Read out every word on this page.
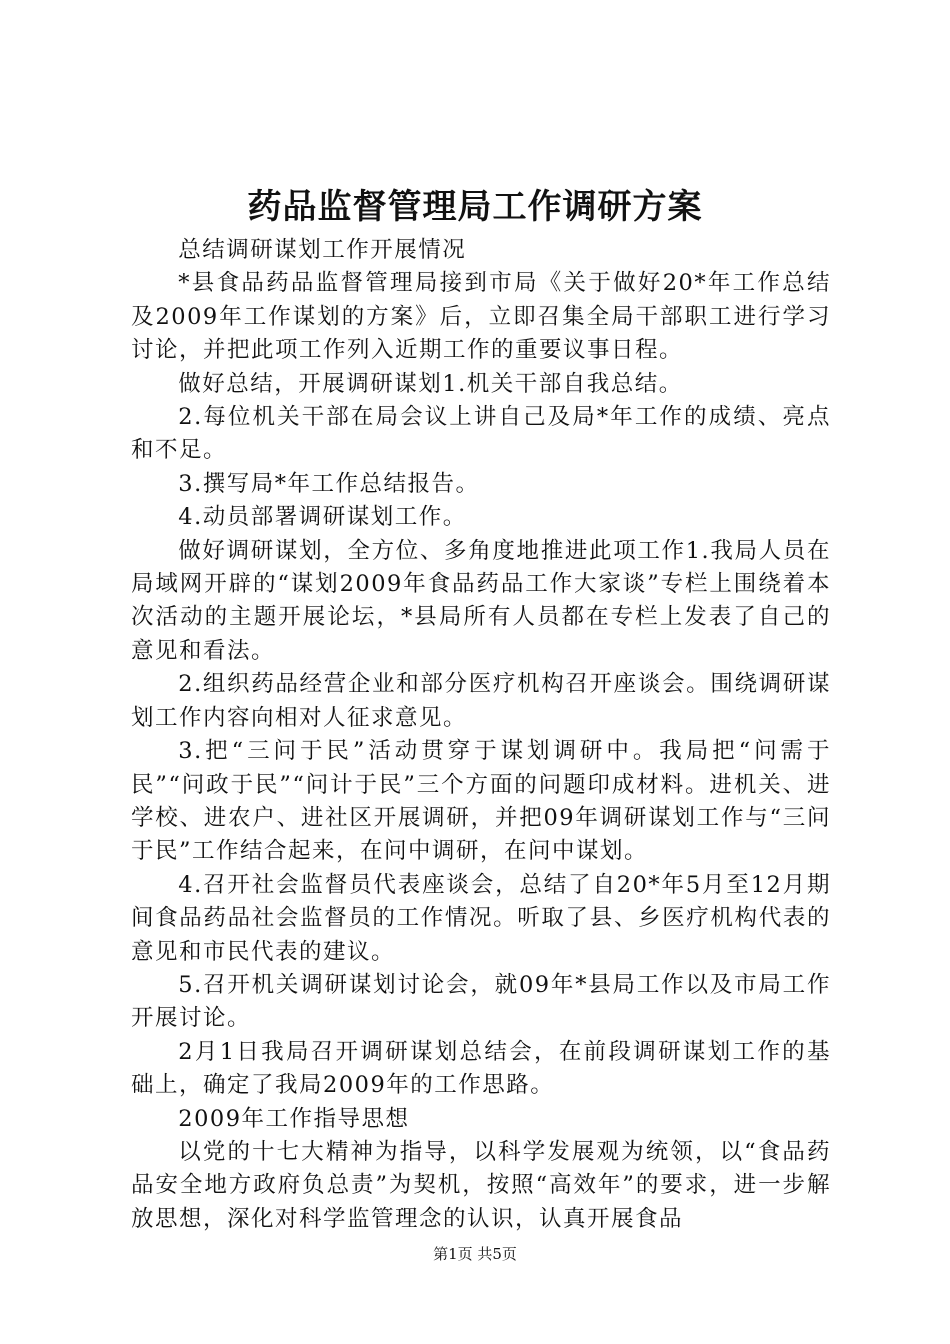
药品监督管理局工作调研方案

总结调研谋划工作开展情况

*县食品药品监督管理局接到市局《关于做好20*年工作总结及2009年工作谋划的方案》后，立即召集全局干部职工进行学习讨论，并把此项工作列入近期工作的重要议事日程。

做好总结，开展调研谋划1.机关干部自我总结。

2.每位机关干部在局会议上讲自己及局*年工作的成绩、亮点和不足。

3.撰写局*年工作总结报告。

4.动员部署调研谋划工作。

做好调研谋划，全方位、多角度地推进此项工作1.我局人员在局域网开辟的“谋划2009年食品药品工作大家谈”专栏上围绕着本次活动的主题开展论坛，*县局所有人员都在专栏上发表了自己的意见和看法。

2.组织药品经营企业和部分医疗机构召开座谈会。围绕调研谋划工作内容向相对人征求意见。

3.把“三问于民”活动贯穿于谋划调研中。我局把“问需于民”“问政于民”“问计于民”三个方面的问题印成材料。进机关、进学校、进农户、进社区开展调研，并把09年调研谋划工作与“三问于民”工作结合起来，在问中调研，在问中谋划。

4.召开社会监督员代表座谈会，总结了自20*年5月至12月期间食品药品社会监督员的工作情况。听取了县、乡医疗机构代表的意见和市民代表的建议。

5.召开机关调研谋划讨论会，就09年*县局工作以及市局工作开展讨论。

2月1日我局召开调研谋划总结会，在前段调研谋划工作的基础上，确定了我局2009年的工作思路。

2009年工作指导思想

以党的十七大精神为指导，以科学发展观为统领，以“食品药品安全地方政府负总责”为契机，按照“高效年”的要求，进一步解放思想，深化对科学监管理念的认识，认真开展食品

第1页 共5页
